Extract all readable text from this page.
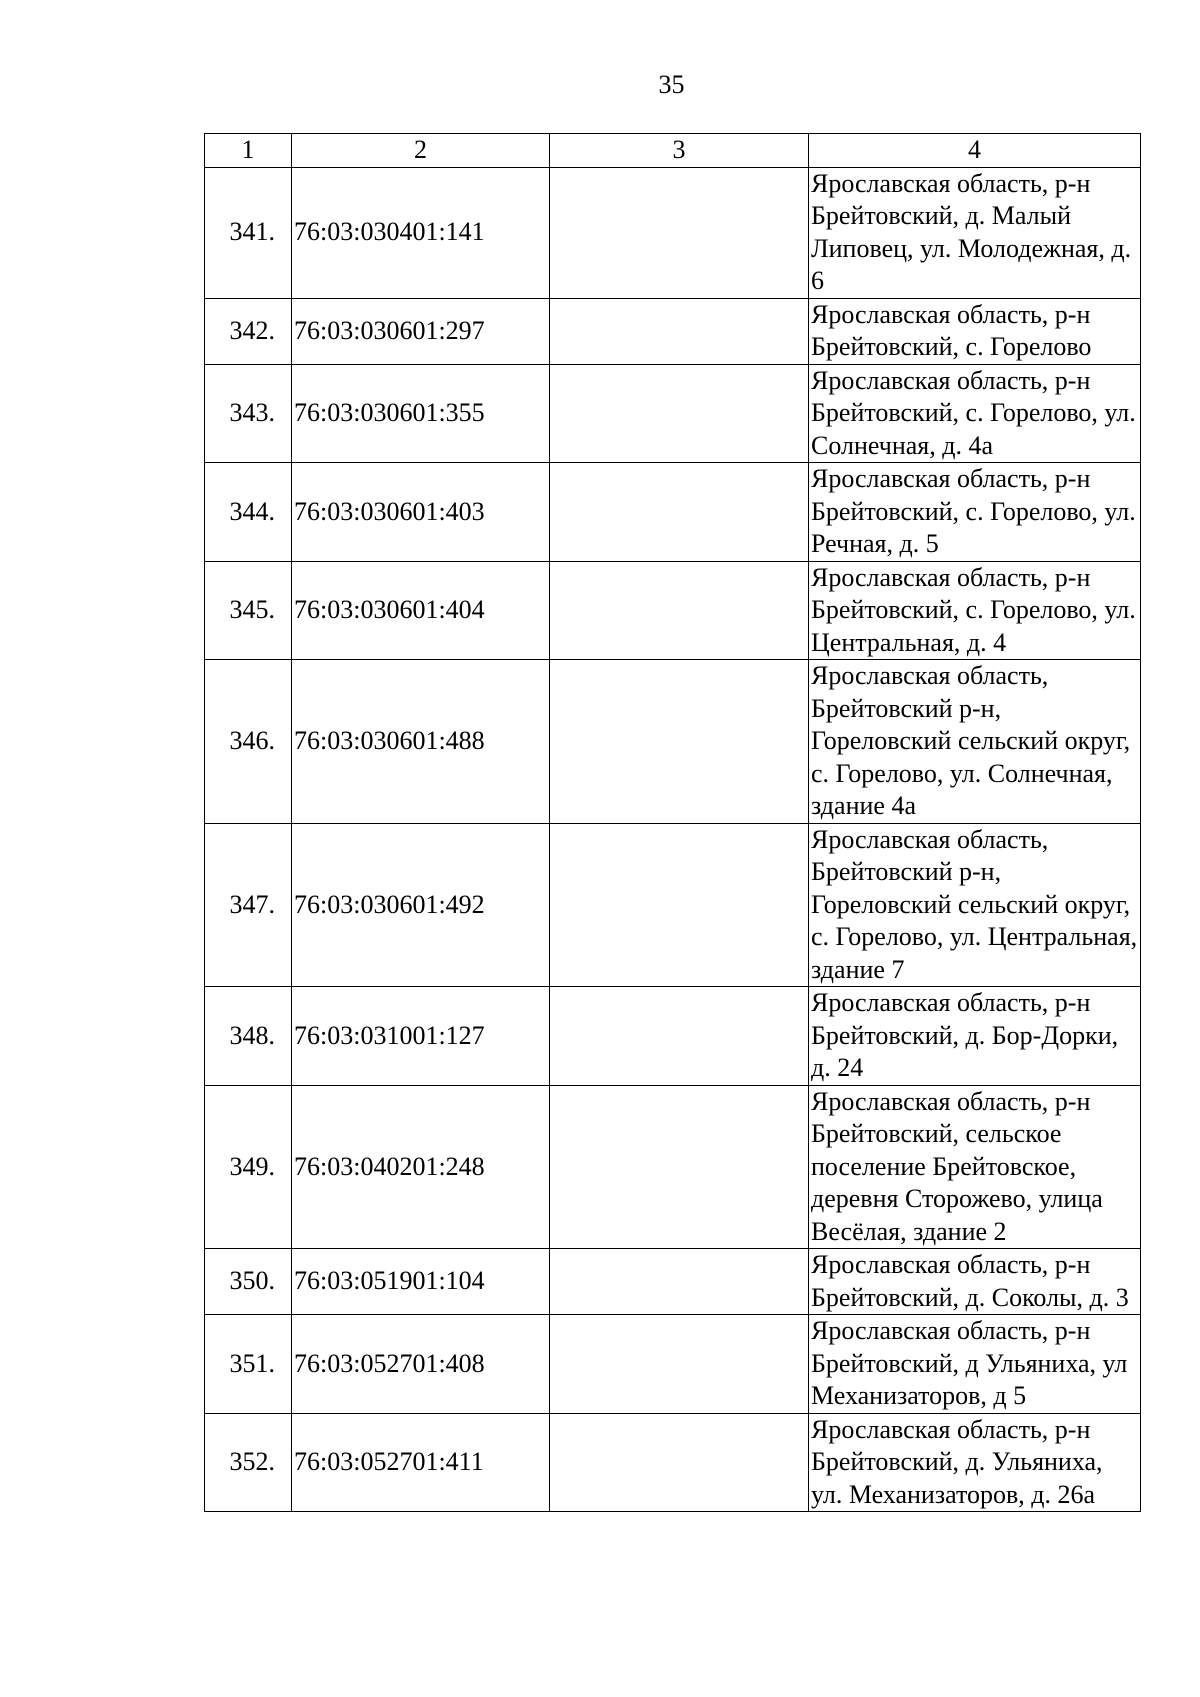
35
1	2	3	4
341.	76:03:030401:141		Ярославская область, р-н Брейтовский, д. Малый Липовец, ул. Молодежная, д. 6
342.	76:03:030601:297		Ярославская область, р-н Брейтовский, с. Горелово
343.	76:03:030601:355		Ярославская область, р-н Брейтовский, с. Горелово, ул. Солнечная, д. 4а
344.	76:03:030601:403		Ярославская область, р-н Брейтовский, с. Горелово, ул. Речная, д. 5
345.	76:03:030601:404		Ярославская область, р-н Брейтовский, с. Горелово, ул. Центральная, д. 4
346.	76:03:030601:488		Ярославская область, Брейтовский р-н, Гореловский сельский округ, с. Горелово, ул. Солнечная, здание 4а
347.	76:03:030601:492		Ярославская область, Брейтовский р-н, Гореловский сельский округ, с. Горелово, ул. Центральная, здание 7
348.	76:03:031001:127		Ярославская область, р-н Брейтовский, д. Бор-Дорки, д. 24
349.	76:03:040201:248		Ярославская область, р-н Брейтовский, сельское поселение Брейтовское, деревня Сторожево, улица Весёлая, здание 2
350.	76:03:051901:104		Ярославская область, р-н Брейтовский, д. Соколы, д. 3
351.	76:03:052701:408		Ярославская область, р-н Брейтовский, д Ульяниха, ул Механизаторов, д 5
352.	76:03:052701:411		Ярославская область, р-н Брейтовский, д. Ульяниха, ул. Механизаторов, д. 26а
